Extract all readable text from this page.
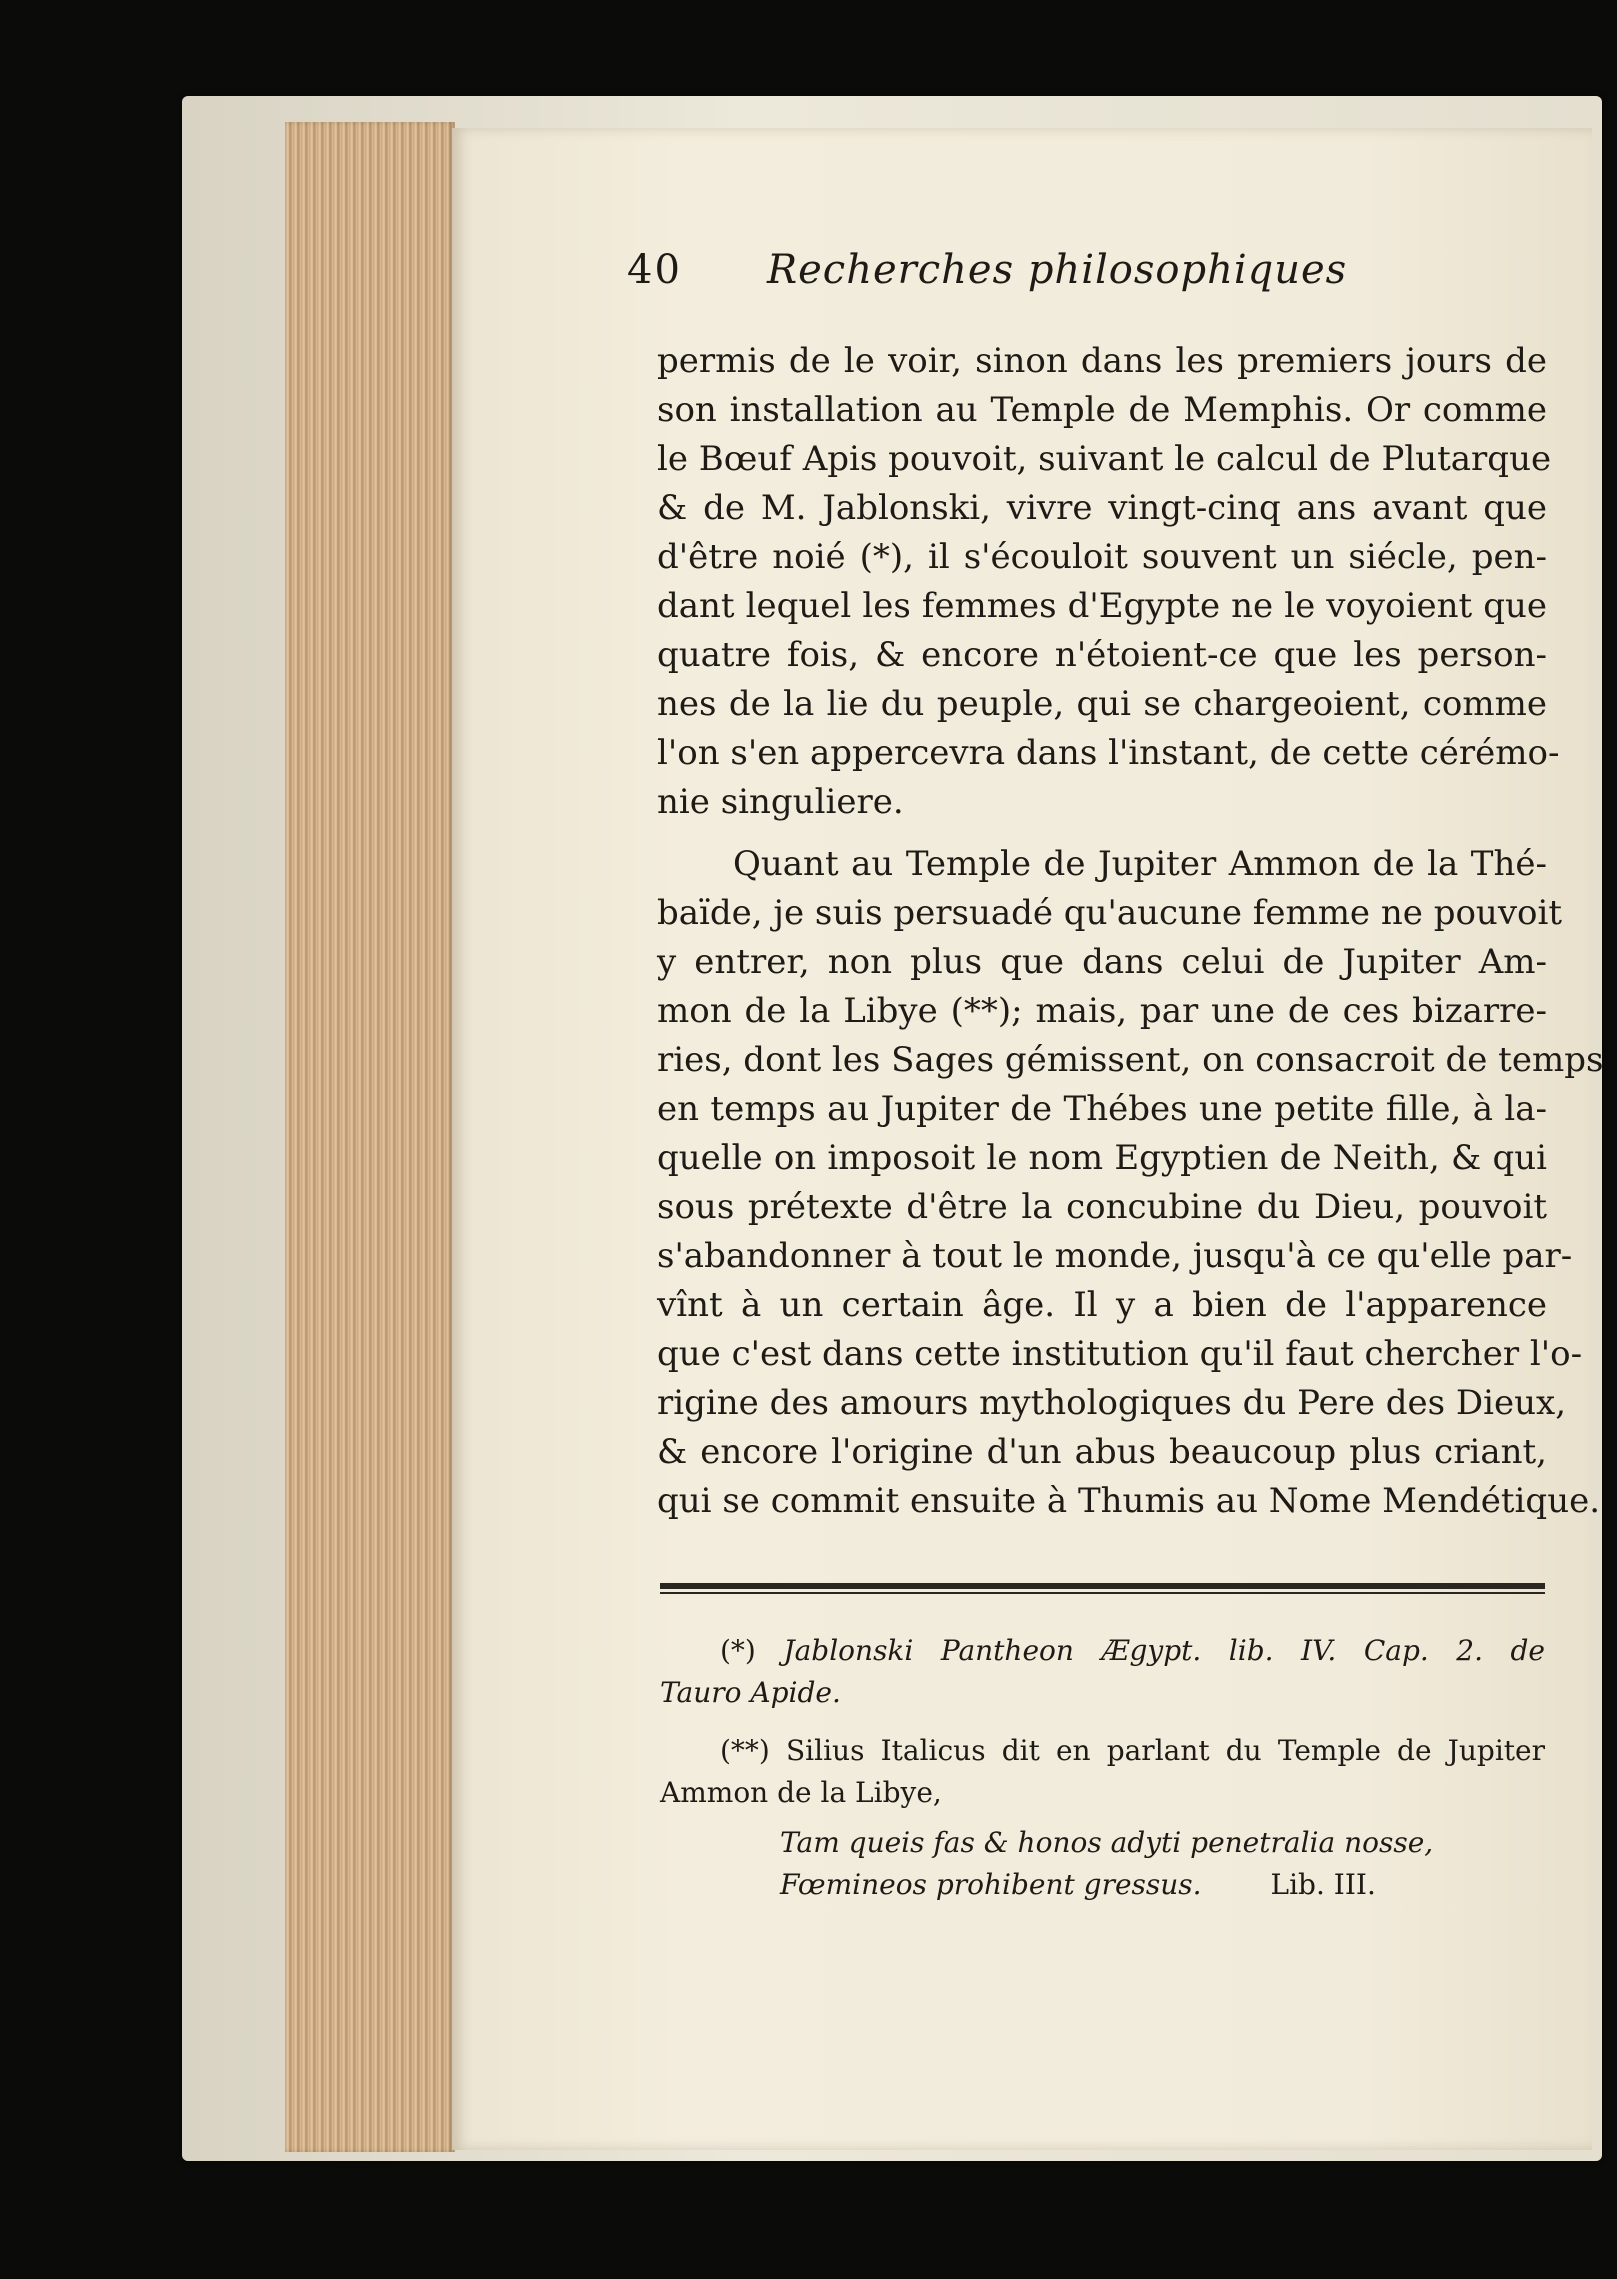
40 Recherches philosophiques
permis de le voir, sinon dans les premiers jours de
son installation au Temple de Memphis. Or comme
le Bœuf Apis pouvoit, suivant le calcul de Plutarque
& de M. Jablonski, vivre vingt-cinq ans avant que
d'être noié (*), il s'écouloit souvent un siécle, pen-
dant lequel les femmes d'Egypte ne le voyoient que
quatre fois, & encore n'étoient-ce que les person-
nes de la lie du peuple, qui se chargeoient, comme
l'on s'en appercevra dans l'instant, de cette cérémo-
nie singuliere.
Quant au Temple de Jupiter Ammon de la Thé-
baïde, je suis persuadé qu'aucune femme ne pouvoit
y entrer, non plus que dans celui de Jupiter Am-
mon de la Libye (**); mais, par une de ces bizarre-
ries, dont les Sages gémissent, on consacroit de temps
en temps au Jupiter de Thébes une petite fille, à la-
quelle on imposoit le nom Egyptien de Neith, & qui
sous prétexte d'être la concubine du Dieu, pouvoit
s'abandonner à tout le monde, jusqu'à ce qu'elle par-
vînt à un certain âge. Il y a bien de l'apparence
que c'est dans cette institution qu'il faut chercher l'o-
rigine des amours mythologiques du Pere des Dieux,
& encore l'origine d'un abus beaucoup plus criant,
qui se commit ensuite à Thumis au Nome Mendétique.
(*) Jablonski Pantheon Ægypt. lib. IV. Cap. 2. de
Tauro Apide.
(**) Silius Italicus dit en parlant du Temple de Jupiter
Ammon de la Libye,
Tam queis fas & honos adyti penetralia nosse,
Fœmineos prohibent gressus. Lib. III.
